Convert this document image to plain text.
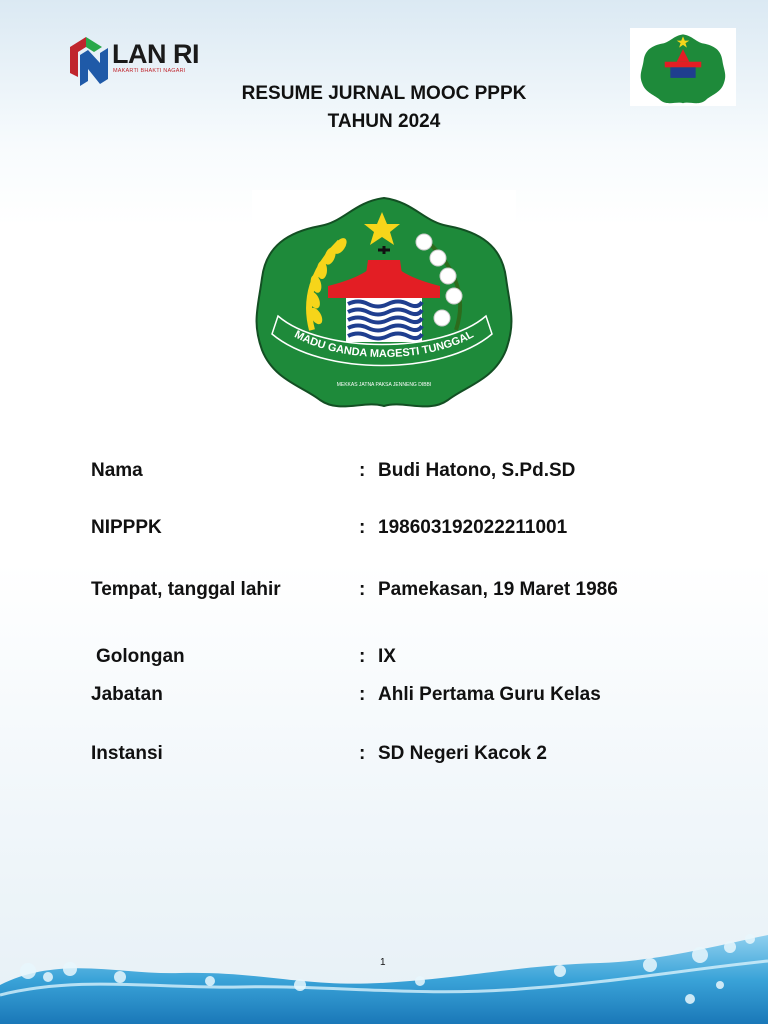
LAN RI
MAKARTI BHAKTI NAGARI
RESUME JURNAL MOOC PPPK
TAHUN 2024
MADU GANDA MAGESTI TUNGGAL
MEKKAS JATNA PAKSA JENNENG DIBBI
Nama	: Budi Hatono, S.Pd.SD
NIPPPK	: 198603192022211001
Tempat, tanggal lahir	: Pamekasan, 19 Maret 1986
Golongan	: IX
Jabatan	: Ahli Pertama Guru Kelas
Instansi	: SD Negeri Kacok 2
1
